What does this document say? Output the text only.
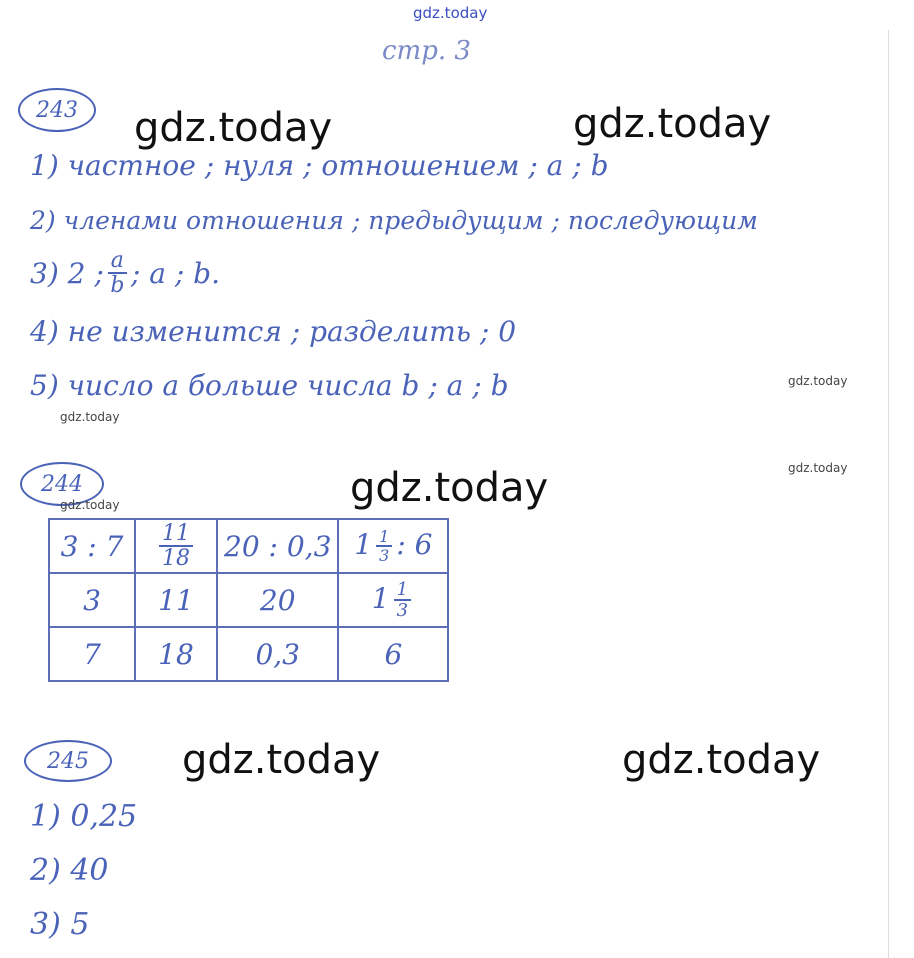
gdz.today
стр. 3
243	gdz.today	gdz.today
1) частное ; нуля ; отношением ; a ; b
2) членами отношения ; предыдущим ; последующим
3) 2 ; $\frac{a}{b}$ ; a ; b.
4) не изменится ; разделить ; 0
5) число a больше числа b ; a ; b	gdz.today
gdz.today
244
gdz.today
gdz.today
gdz.today
3 : 7	$\frac{11}{18}$	20 : 0,3	$1 \frac{1}{3}$ : 6
3	11	20	$1 \frac{1}{3}$

7	18	0,3	6
245	gdz.today	gdz.today
1) 0,25
2) 40
3) 5
